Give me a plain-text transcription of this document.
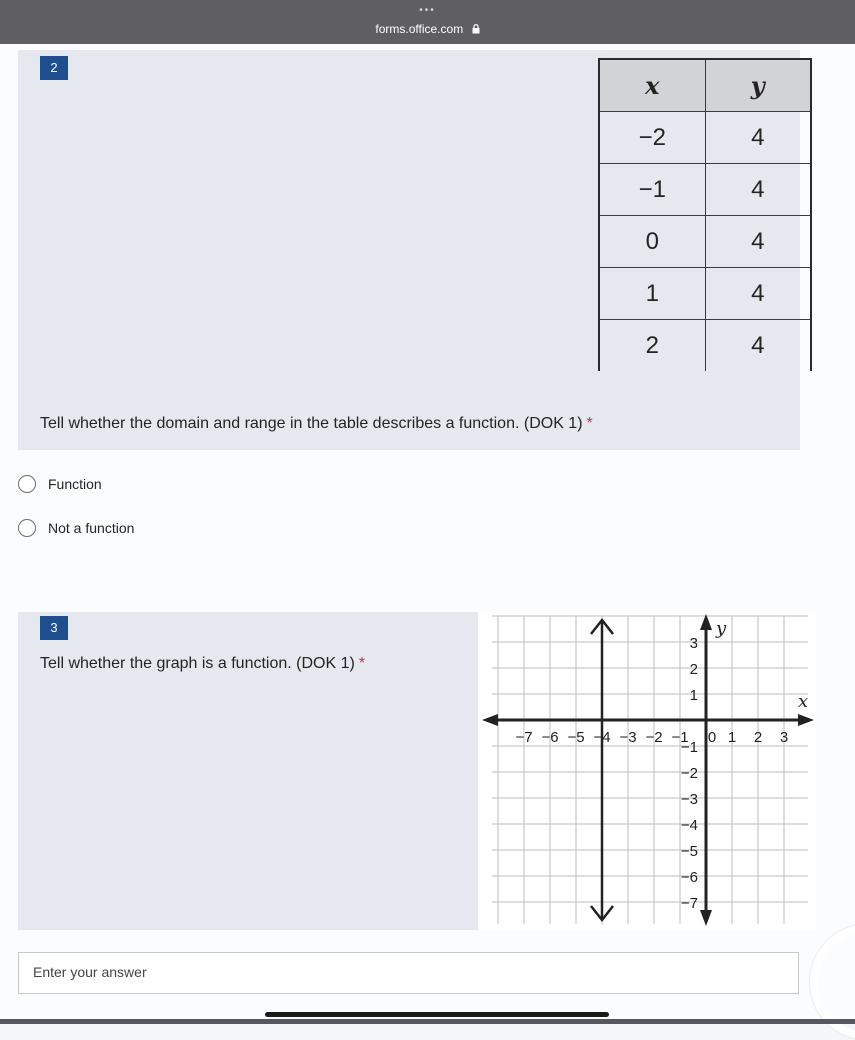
•••
forms.office.com
2
x	y
−2	4
−1	4
0	4
1	4
2	4
Tell whether the domain and range in the table describes a function. (DOK 1) *
Function
Not a function
3
Tell whether the graph is a function. (DOK 1) *
−7 −6 −5 −4 −3 −2 −1 0 1 2 3
3
2
1
−1
−2
−3
−4
−5
−6
−7
x
y
Enter your answer
